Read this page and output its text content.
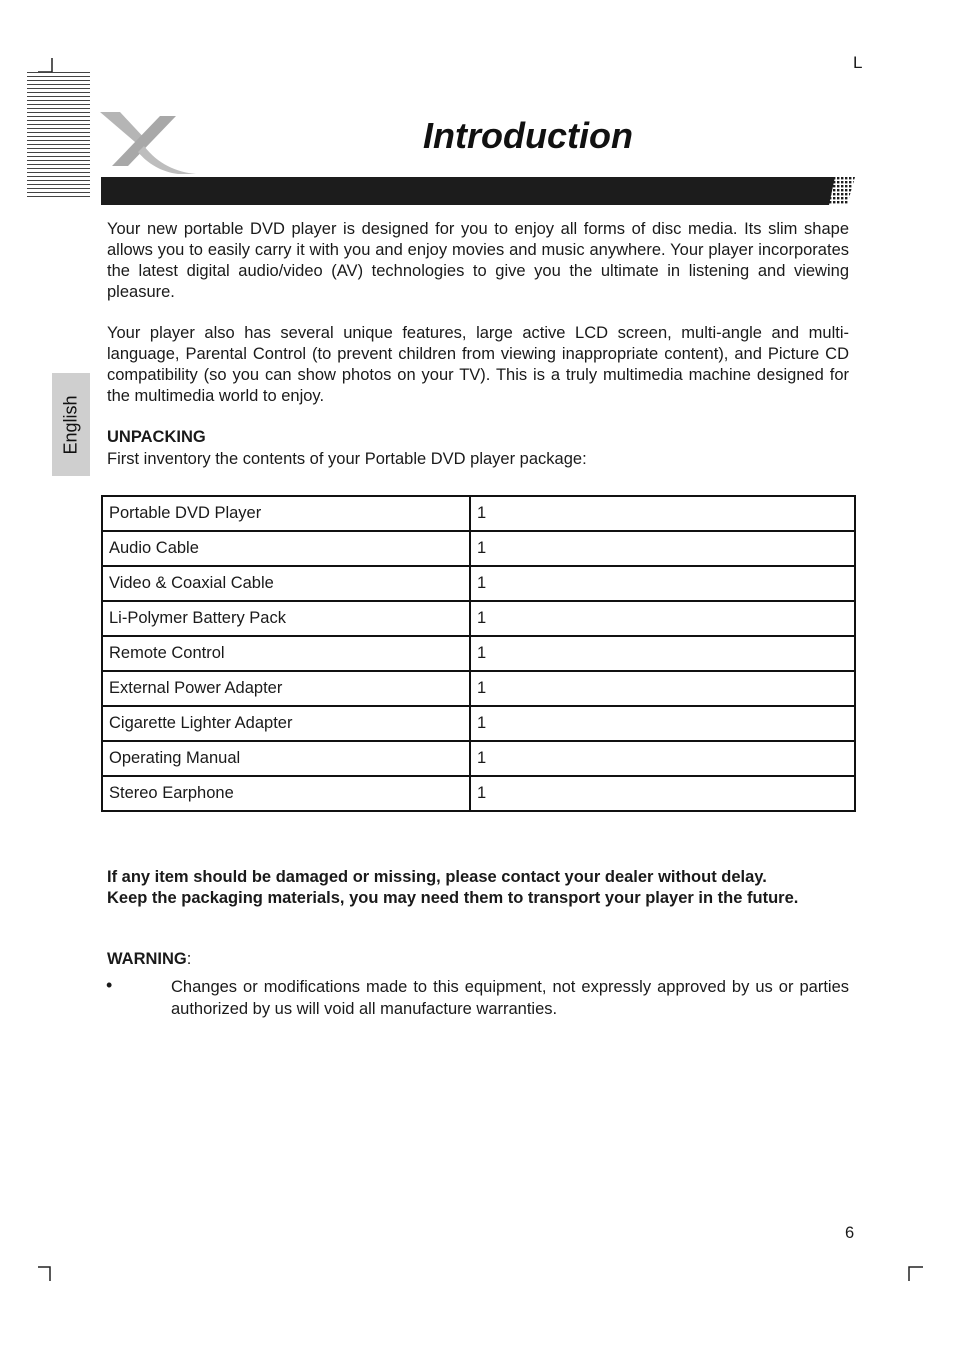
L
Introduction
English
Your new portable DVD player is designed for you to enjoy all forms of disc media. Its slim shape allows you to easily carry it with you and enjoy movies and music anywhere. Your player incorporates the latest digital audio/video (AV) technologies to give you the ultimate in listening and viewing pleasure.
Your player also has several unique features, large active LCD screen, multi-angle and multi-language, Parental Control (to prevent children from viewing inappropriate content), and Picture CD compatibility (so you can show photos on your TV). This is a truly multimedia machine designed for the multimedia world to enjoy.
UNPACKING
First inventory the contents of your Portable DVD player package:
Portable DVD Player	1
Audio Cable	1
Video & Coaxial Cable	1
Li-Polymer Battery Pack	1
Remote Control	1
External Power Adapter	1
Cigarette Lighter Adapter	1
Operating Manual	1
Stereo Earphone	1
If any item should be damaged or missing, please contact your dealer without delay.
Keep the packaging materials, you may need them to transport your player in the future.
WARNING:
•	Changes or modifications made to this equipment, not expressly approved by us or parties authorized by us will void all manufacture warranties.
6
